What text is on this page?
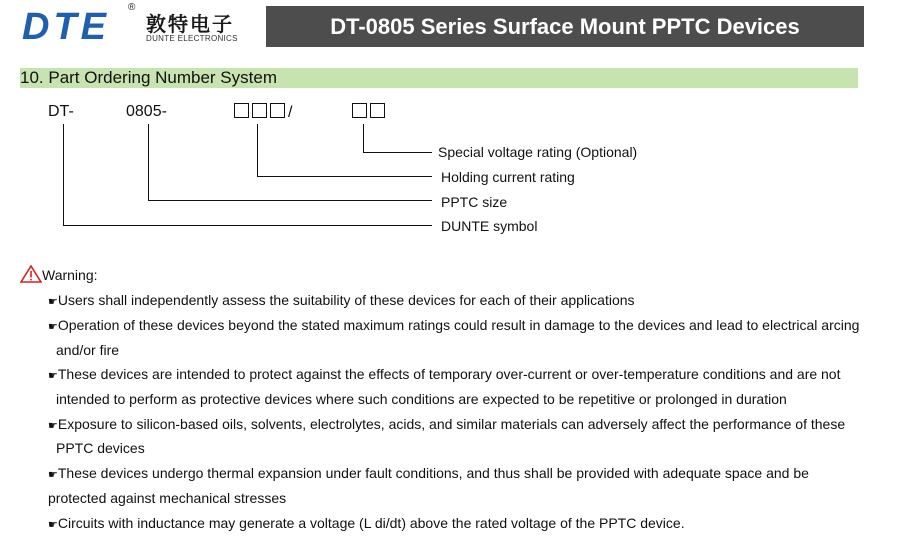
DTE ®
敦特电子
DUNTE ELECTRONICS	DT-0805 Series Surface Mount PPTC Devices
10. Part Ordering Number System
DT-	0805-	/
Special voltage rating (Optional)
Holding current rating
PPTC size
DUNTE symbol
Warning:
☛Users shall independently assess the suitability of these devices for each of their applications
☛Operation of these devices beyond the stated maximum ratings could result in damage to the devices and lead to electrical arcing
and/or fire
☛These devices are intended to protect against the effects of temporary over-current or over-temperature conditions and are not
intended to perform as protective devices where such conditions are expected to be repetitive or prolonged in duration
☛Exposure to silicon-based oils, solvents, electrolytes, acids, and similar materials can adversely affect the performance of these
PPTC devices
☛These devices undergo thermal expansion under fault conditions, and thus shall be provided with adequate space and be
protected against mechanical stresses
☛Circuits with inductance may generate a voltage (L di/dt) above the rated voltage of the PPTC device.
